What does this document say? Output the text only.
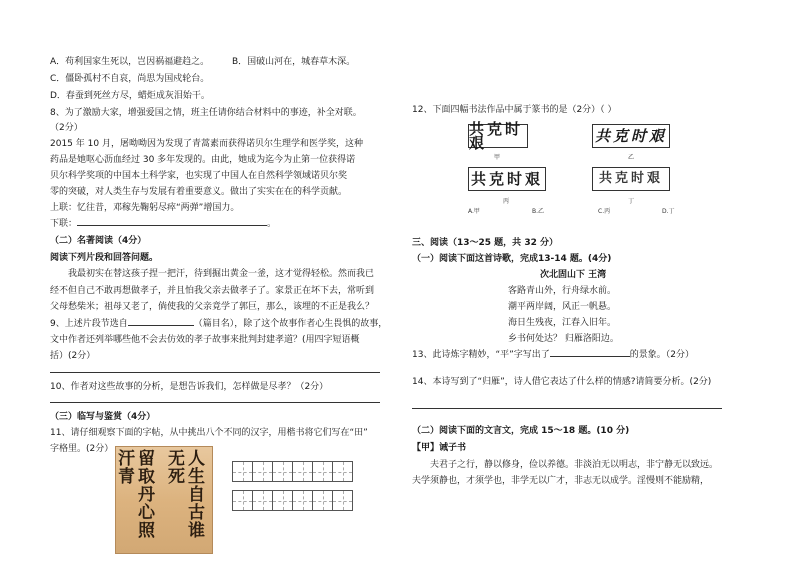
A．苟利国家生死以，岂因祸福避趋之。	B．国破山河在，城春草木深。
C．僵卧孤村不自哀，尚思为国戍轮台。
D．春蚕到死丝方尽，蜡炬成灰泪始干。
8、为了激励大家，增强爱国之情，班主任请你结合材料中的事迹，补全对联。
（2分）
2015 年 10 月，屠呦呦因为发现了青蒿素而获得诺贝尔生理学和医学奖，这种
药品是她呕心沥血经过 30 多年发现的。由此，她成为迄今为止第一位获得诺
贝尔科学奖项的中国本土科学家，也实现了中国人在自然科学领域诺贝尔奖
零的突破，对人类生存与发展有着重要意义。做出了实实在在的科学贡献。
上联：忆往昔，邓稼先鞠躬尽瘁“两弹”增国力。
下联：	。
（二）名著阅读（4分）
阅读下列片段和回答问题。
我最初实在替这孩子捏一把汗，待到掘出黄金一釜，这才觉得轻松。然而我已
经不但自己不敢再想做孝子，并且怕我父亲去做孝子了。家景正在坏下去，常听到
父母愁柴米；祖母又老了，倘使我的父亲竟学了郭巨，那么，该埋的不正是我么？
9、上述片段节选自	（篇目名），除了这个故事作者心生畏惧的故事，
文中作者还列举哪些他不会去仿效的孝子故事来批判封建孝道？(用四字短语概
括）(2分）
10、作者对这些故事的分析，是想告诉我们，怎样做是尽孝？（2分）
（三）临写与鉴赏（4分）
11、请仔细观察下面的字帖，从中挑出八个不同的汉字，用楷书将它们写在“田”
字格里。(2分）	人生自古谁无死
留取丹心照汗青
12、下面四幅书法作品中属于篆书的是（2分）（ ）
三、阅读（13～25 题，共 32 分）
（一）阅读下面这首诗歌，完成13-14 题。(4分)
次北固山下 王湾
客路青山外，行舟绿水前。
潮平两岸阔，风正一帆悬。
海日生残夜，江春入旧年。
乡书何处达？ 归雁洛阳边。
13、此诗炼字精妙，“平”字写出了	的景象。（2分）
14、本诗写到了“归雁”，诗人借它表达了什么样的情感?请简要分析。(2分)
（二）阅读下面的文言文，完成 15～18 题。(10 分)
【甲】诫子书
夫君子之行，静以修身，俭以养德。非淡泊无以明志，非宁静无以致远。
夫学须静也，才须学也，非学无以广才，非志无以成学。淫慢则不能励精，
共克时艰
甲
共克时艰
乙
共克时艰
丙
共克时艰
丁
A.甲	B.乙	C.丙	D.丁
